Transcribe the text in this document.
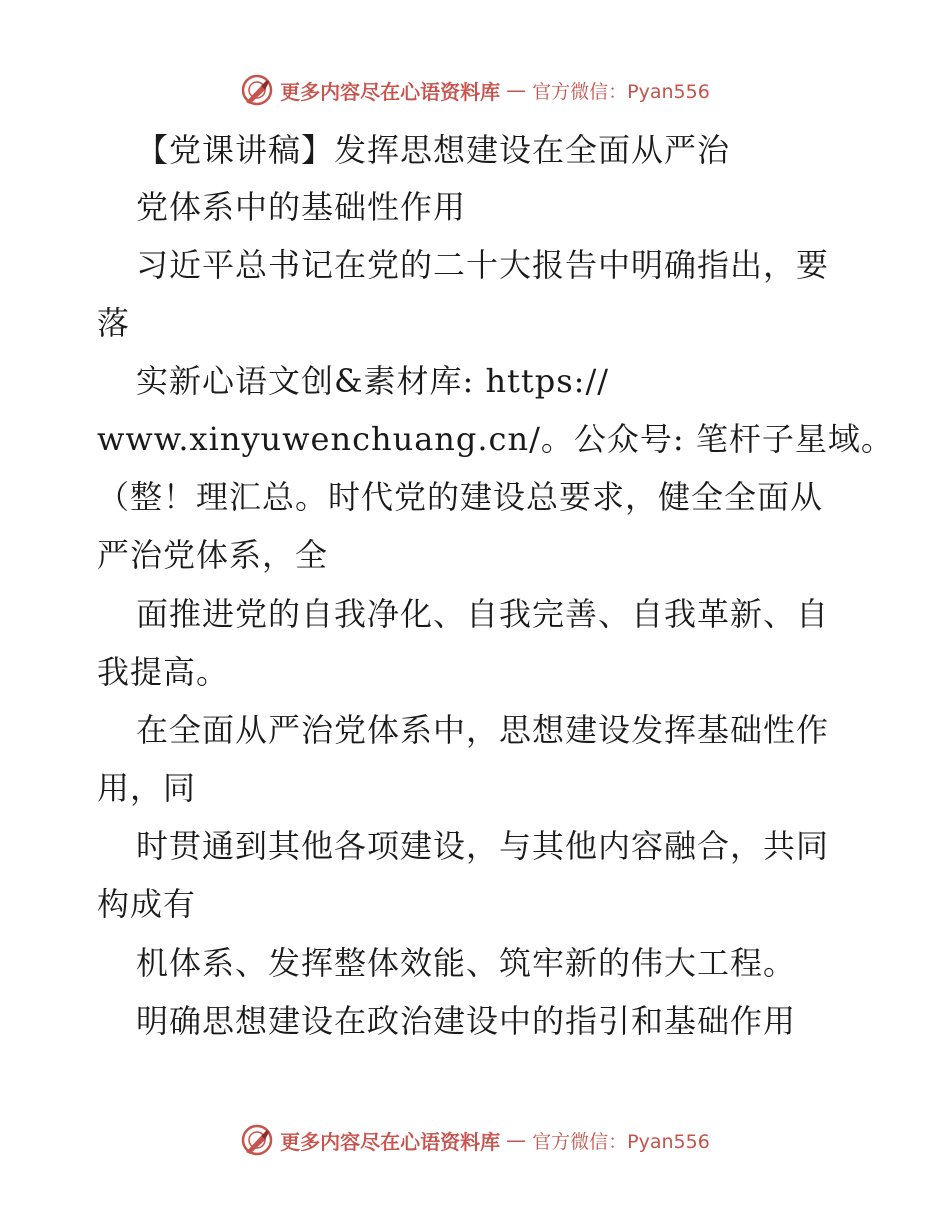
更多内容尽在心语资料库 — 官方微信：Pyan556
【党课讲稿】发挥思想建设在全面从严治
党体系中的基础性作用
习近平总书记在党的二十大报告中明确指出，要
落
实新心语文创&素材库: https://
www.xinyuwenchuang.cn/。公众号: 笔杆子星域。
（整！理汇总。时代党的建设总要求，健全全面从
严治党体系，全
面推进党的自我净化、自我完善、自我革新、自
我提高。
在全面从严治党体系中，思想建设发挥基础性作
用，同
时贯通到其他各项建设，与其他内容融合，共同
构成有
机体系、发挥整体效能、筑牢新的伟大工程。
明确思想建设在政治建设中的指引和基础作用
更多内容尽在心语资料库 — 官方微信：Pyan556
